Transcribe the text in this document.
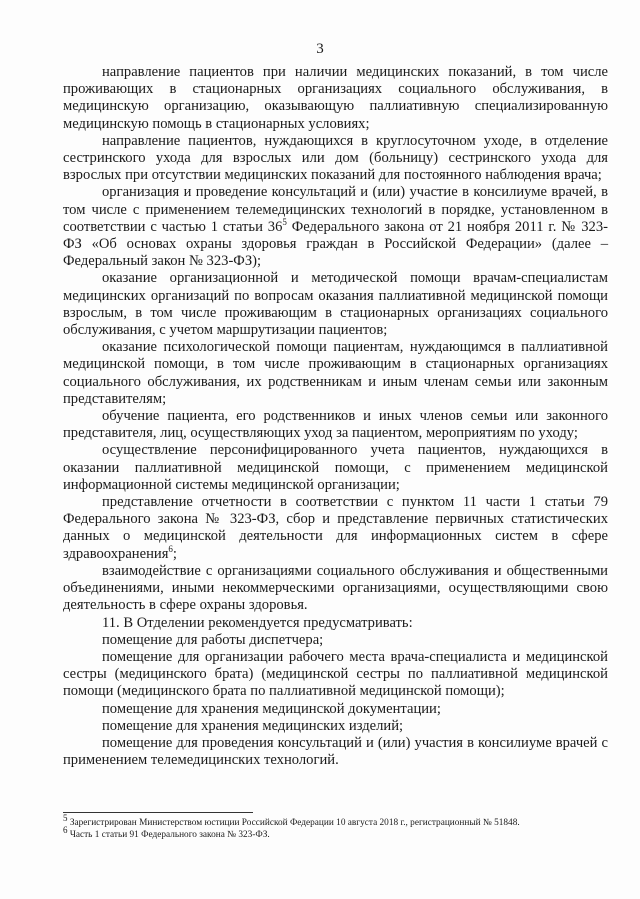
3

направление пациентов при наличии медицинских показаний, в том числе проживающих в стационарных организациях социального обслуживания, в медицинскую организацию, оказывающую паллиативную специализированную медицинскую помощь в стационарных условиях;

направление пациентов, нуждающихся в круглосуточном уходе, в отделение сестринского ухода для взрослых или дом (больницу) сестринского ухода для взрослых при отсутствии медицинских показаний для постоянного наблюдения врача;

организация и проведение консультаций и (или) участие в консилиуме врачей, в том числе с применением телемедицинских технологий в порядке, установленном в соответствии с частью 1 статьи $36^5$ Федерального закона от 21 ноября 2011 г. № 323-ФЗ «Об основах охраны здоровья граждан в Российской Федерации» (далее – Федеральный закон № 323-ФЗ);

оказание организационной и методической помощи врачам-специалистам медицинских организаций по вопросам оказания паллиативной медицинской помощи взрослым, в том числе проживающим в стационарных организациях социального обслуживания, с учетом маршрутизации пациентов;

оказание психологической помощи пациентам, нуждающимся в паллиативной медицинской помощи, в том числе проживающим в стационарных организациях социального обслуживания, их родственникам и иным членам семьи или законным представителям;

обучение пациента, его родственников и иных членов семьи или законного представителя, лиц, осуществляющих уход за пациентом, мероприятиям по уходу;

осуществление персонифицированного учета пациентов, нуждающихся в оказании паллиативной медицинской помощи, с применением медицинской информационной системы медицинской организации;

представление отчетности в соответствии с пунктом 11 части 1 статьи 79 Федерального закона № 323-ФЗ, сбор и представление первичных статистических данных о медицинской деятельности для информационных систем в сфере здравоохранения$^6$;

взаимодействие с организациями социального обслуживания и общественными объединениями, иными некоммерческими организациями, осуществляющими свою деятельность в сфере охраны здоровья.

11. В Отделении рекомендуется предусматривать:

помещение для работы диспетчера;

помещение для организации рабочего места врача-специалиста и медицинской сестры (медицинского брата) (медицинской сестры по паллиативной медицинской помощи (медицинского брата по паллиативной медицинской помощи);

помещение для хранения медицинской документации;

помещение для хранения медицинских изделий;

помещение для проведения консультаций и (или) участия в консилиуме врачей с применением телемедицинских технологий.

$^5$ Зарегистрирован Министерством юстиции Российской Федерации 10 августа 2018 г., регистрационный № 51848.

$^6$ Часть 1 статьи 91 Федерального закона № 323-ФЗ.
